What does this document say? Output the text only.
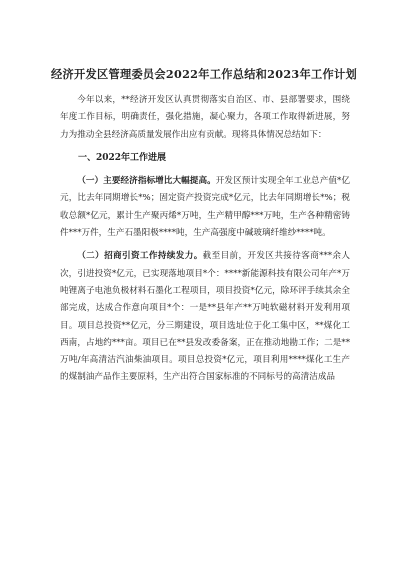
经济开发区管理委员会2022年工作总结和2023年工作计划

今年以来，**经济开发区认真贯彻落实自治区、市、县部署要求，围绕年度工作目标，明确责任，强化措施，凝心聚力，各项工作取得新进展，努力为推动全县经济高质量发展作出应有贡献。现将具体情况总结如下：

一、2022年工作进展

（一）主要经济指标增比大幅提高。开发区预计实现全年工业总产值*亿元，比去年同期增长*%；固定资产投资完成*亿元，比去年同期增长*%；税收总额*亿元，累计生产聚丙烯*万吨，生产精甲醇***万吨，生产各种精密铸件***万件，生产石墨阳极****吨，生产高强度中碱玻璃纤维纱****吨。

（二）招商引资工作持续发力。截至目前，开发区共接待客商***余人次，引进投资*亿元，已实现落地项目*个：****新能源科技有限公司年产*万吨锂离子电池负极材料石墨化工程项目，项目投资*亿元，除环评手续其余全部完成，达成合作意向项目*个：一是**县年产**万吨软磁材料开发利用项目。项目总投资**亿元，分三期建设，项目选址位于化工集中区，**煤化工西南，占地约***亩。项目已在**县发改委备案，正在推动地勘工作；二是**万吨/年高清洁汽油柴油项目。项目总投资*亿元，项目利用****煤化工生产的煤制油产品作主要原料，生产出符合国家标准的不同标号的高清洁成品
